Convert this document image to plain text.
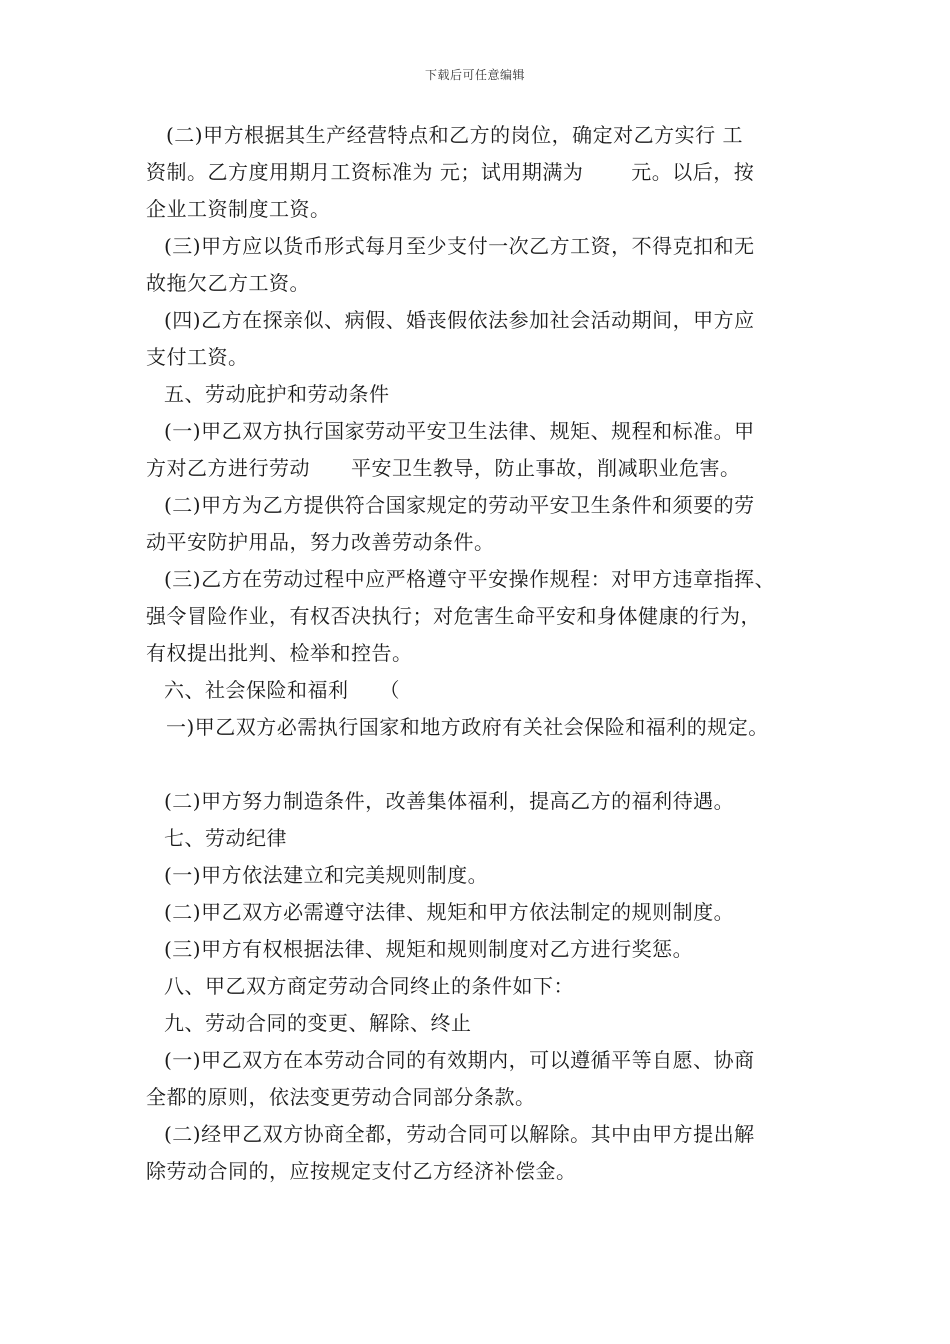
下载后可任意编辑
(二)甲方根据其生产经营特点和乙方的岗位，确定对乙方实行 工
资制。乙方度用期月工资标准为 元；试用期满为　　 元。以后，按
企业工资制度工资。
(三)甲方应以货币形式每月至少支付一次乙方工资，不得克扣和无
故拖欠乙方工资。
(四)乙方在探亲似、病假、婚丧假依法参加社会活动期间，甲方应
支付工资。
五、劳动庇护和劳动条件
(一)甲乙双方执行国家劳动平安卫生法律、规矩、规程和标准。甲
方对乙方进行劳动　　平安卫生教导，防止事故，削减职业危害。
(二)甲方为乙方提供符合国家规定的劳动平安卫生条件和须要的劳
动平安防护用品，努力改善劳动条件。
(三)乙方在劳动过程中应严格遵守平安操作规程：对甲方违章指挥、
强令冒险作业，有权否决执行；对危害生命平安和身体健康的行为，
有权提出批判、检举和控告。
六、社会保险和福利　　（
一)甲乙双方必需执行国家和地方政府有关社会保险和福利的规定。
(二)甲方努力制造条件，改善集体福利，提高乙方的福利待遇。
七、劳动纪律
(一)甲方依法建立和完美规则制度。
(二)甲乙双方必需遵守法律、规矩和甲方依法制定的规则制度。
(三)甲方有权根据法律、规矩和规则制度对乙方进行奖惩。
八、甲乙双方商定劳动合同终止的条件如下：
九、劳动合同的变更、解除、终止
(一)甲乙双方在本劳动合同的有效期内，可以遵循平等自愿、协商
全都的原则，依法变更劳动合同部分条款。
(二)经甲乙双方协商全都，劳动合同可以解除。其中由甲方提出解
除劳动合同的，应按规定支付乙方经济补偿金。
